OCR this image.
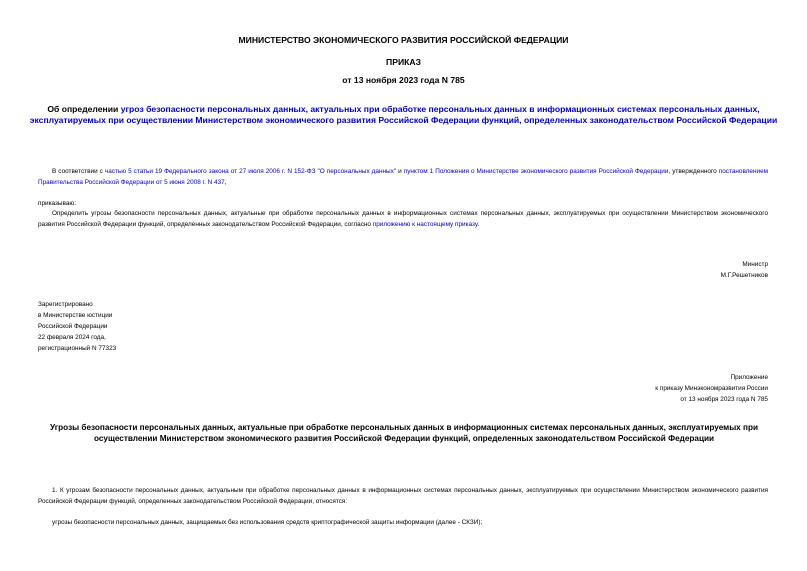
МИНИСТЕРСТВО ЭКОНОМИЧЕСКОГО РАЗВИТИЯ РОССИЙСКОЙ ФЕДЕРАЦИИ
ПРИКАЗ
от 13 ноября 2023 года N 785
Об определении угроз безопасности персональных данных, актуальных при обработке персональных данных в информационных системах персональных данных, эксплуатируемых при осуществлении Министерством экономического развития Российской Федерации функций, определенных законодательством Российской Федерации
В соответствии с частью 5 статьи 19 Федерального закона от 27 июля 2006 г. N 152-ФЗ "О персональных данных" и пунктом 1 Положения о Министерстве экономического развития Российской Федерации, утвержденного постановлением Правительства Российской Федерации от 5 июня 2008 г. N 437,
приказываю:
Определить угрозы безопасности персональных данных, актуальные при обработке персональных данных в информационных системах персональных данных, эксплуатируемых при осуществлении Министерством экономического развития Российской Федерации функций, определенных законодательством Российской Федерации, согласно приложению к настоящему приказу.
Министр
М.Г.Решетников
Зарегистрировано
в Министерстве юстиции
Российской Федерации
22 февраля 2024 года,
регистрационный N 77323
Приложение
к приказу Минэкономразвития России
от 13 ноября 2023 года N 785
Угрозы безопасности персональных данных, актуальные при обработке персональных данных в информационных системах персональных данных, эксплуатируемых при осуществлении Министерством экономического развития Российской Федерации функций, определенных законодательством Российской Федерации
1. К угрозам безопасности персональных данных, актуальным при обработке персональных данных в информационных системах персональных данных, эксплуатируемых при осуществлении Министерством экономического развития Российской Федерации функций, определенных законодательством Российской Федерации, относятся:
угрозы безопасности персональных данных, защищаемых без использования средств криптографической защиты информации (далее - СКЗИ);
